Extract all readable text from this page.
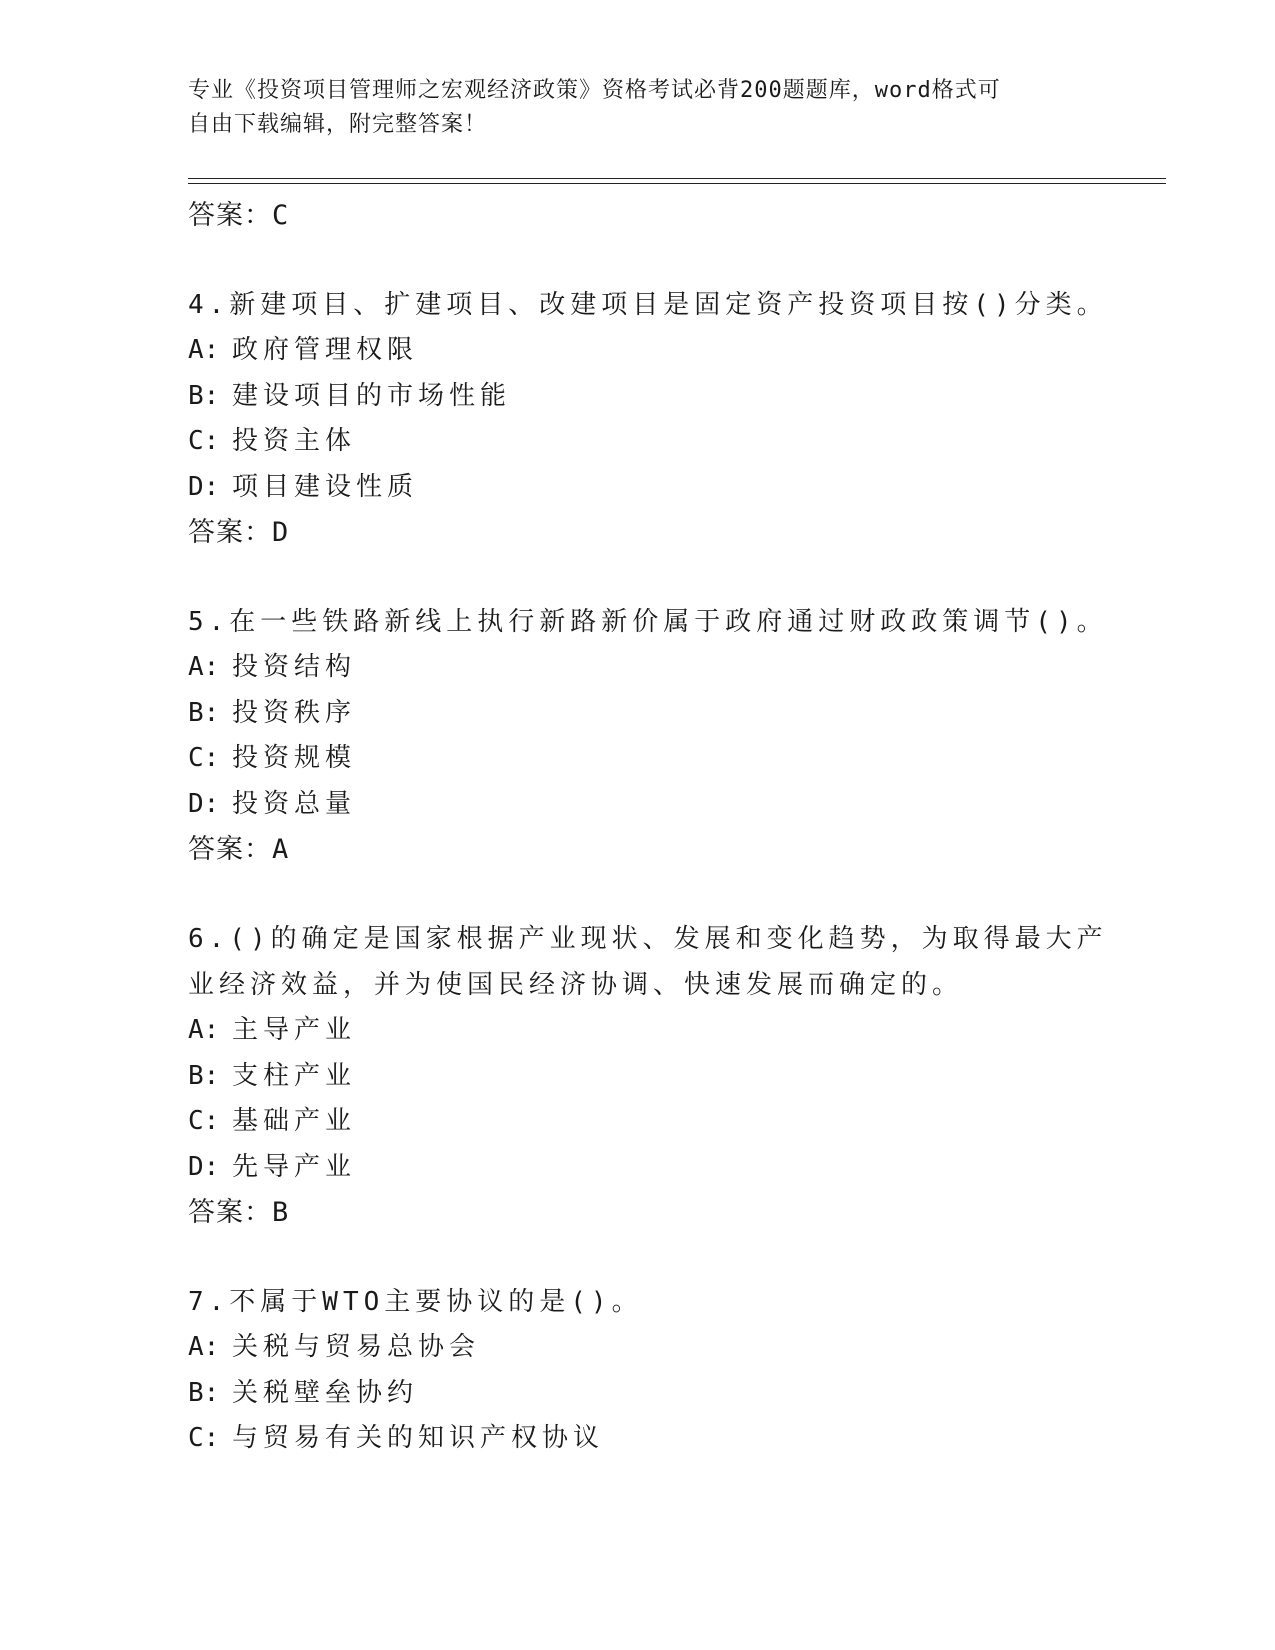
专业《投资项目管理师之宏观经济政策》资格考试必背200题题库，word格式可
自由下载编辑，附完整答案！
答案：C
4.新建项目、扩建项目、改建项目是固定资产投资项目按()分类。
A: 政府管理权限
B: 建设项目的市场性能
C: 投资主体
D: 项目建设性质
答案：D
5.在一些铁路新线上执行新路新价属于政府通过财政政策调节()。
A: 投资结构
B: 投资秩序
C: 投资规模
D: 投资总量
答案：A
6.()的确定是国家根据产业现状、发展和变化趋势，为取得最大产业经济效益，并为使国民经济协调、快速发展而确定的。
A: 主导产业
B: 支柱产业
C: 基础产业
D: 先导产业
答案：B
7.不属于WTO主要协议的是()。
A: 关税与贸易总协会
B: 关税壁垒协约
C: 与贸易有关的知识产权协议
